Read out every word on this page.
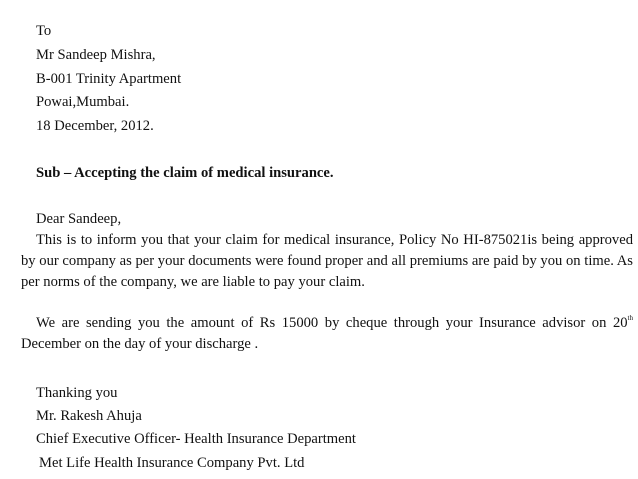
To
Mr Sandeep Mishra,
B-001 Trinity Apartment
Powai,Mumbai.
18 December, 2012.
Sub – Accepting the claim of medical insurance.
Dear Sandeep,
This is to inform you that your claim for medical insurance, Policy No HI-875021is being approved by our company as per your documents were found proper and all premiums are paid by you on time. As per norms of the company, we are liable to pay your claim.
We are sending you the amount of Rs 15000 by cheque through your Insurance advisor on 20th December on the day of your discharge .
Thanking you
Mr. Rakesh Ahuja
Chief Executive Officer- Health Insurance Department
Met Life Health Insurance Company Pvt. Ltd
